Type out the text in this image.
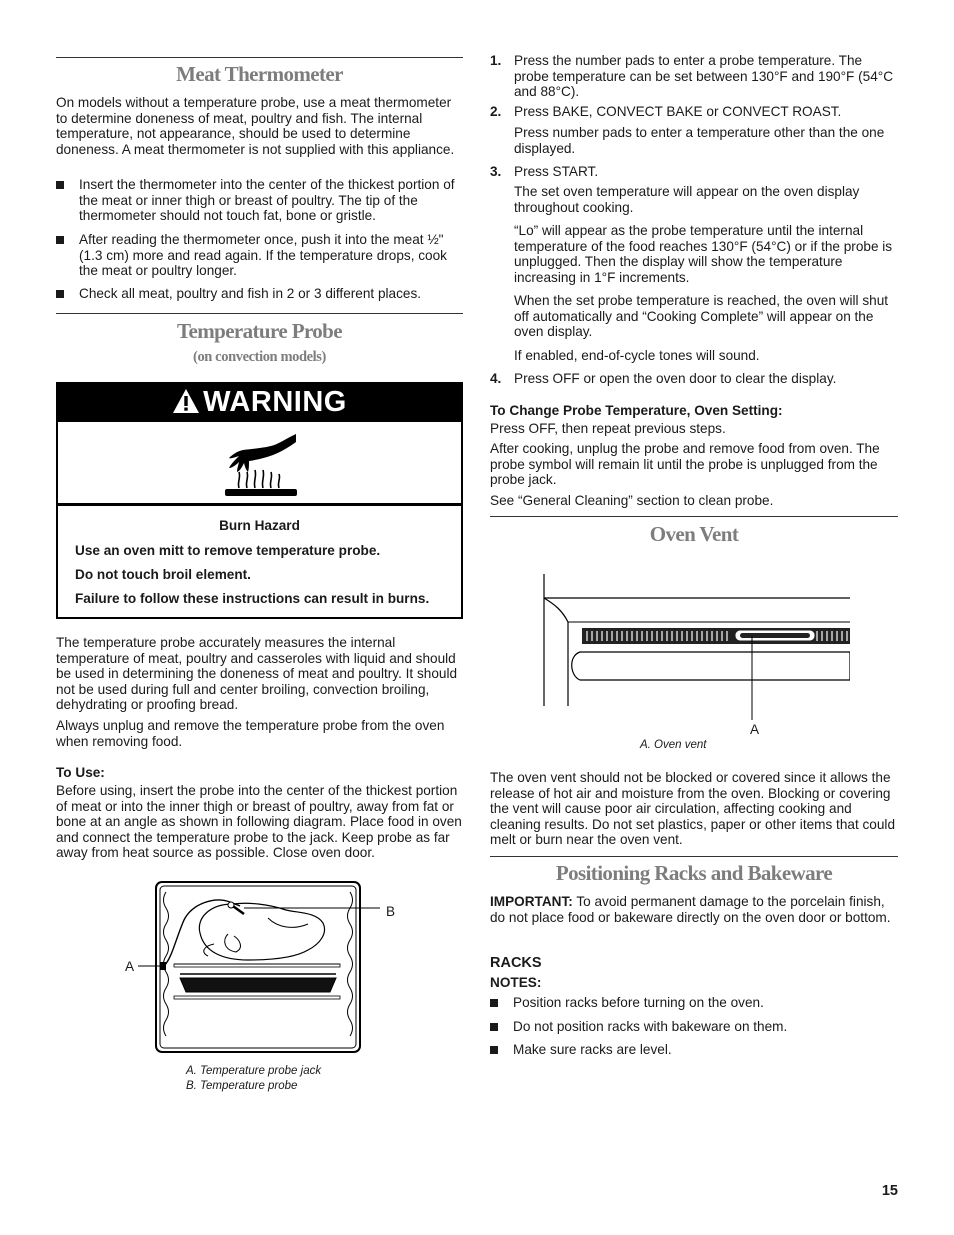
Meat Thermometer

On models without a temperature probe, use a meat thermometer to determine doneness of meat, poultry and fish. The internal temperature, not appearance, should be used to determine doneness. A meat thermometer is not supplied with this appliance.

Insert the thermometer into the center of the thickest portion of the meat or inner thigh or breast of poultry. The tip of the thermometer should not touch fat, bone or gristle.
After reading the thermometer once, push it into the meat ½" (1.3 cm) more and read again. If the temperature drops, cook the meat or poultry longer.
Check all meat, poultry and fish in 2 or 3 different places.
Temperature Probe
(on convection models)
WARNING
Burn Hazard
Use an oven mitt to remove temperature probe.
Do not touch broil element.
Failure to follow these instructions can result in burns.

The temperature probe accurately measures the internal temperature of meat, poultry and casseroles with liquid and should be used in determining the doneness of meat and poultry. It should not be used during full and center broiling, convection broiling, dehydrating or proofing bread.

Always unplug and remove the temperature probe from the oven when removing food.

To Use:

Before using, insert the probe into the center of the thickest portion of meat or into the inner thigh or breast of poultry, away from fat or bone at an angle as shown in following diagram. Place food in oven and connect the temperature probe to the jack. Keep probe as far away from heat source as possible. Close oven door.

A
B
A. Temperature probe jack
B. Temperature probe
1. Press the number pads to enter a probe temperature. The probe temperature can be set between 130°F and 190°F (54°C and 88°C).

2. Press BAKE, CONVECT BAKE or CONVECT ROAST.

Press number pads to enter a temperature other than the one displayed.

3. Press START.

The set oven temperature will appear on the oven display throughout cooking.

“Lo” will appear as the probe temperature until the internal temperature of the food reaches 130°F (54°C) or if the probe is unplugged. Then the display will show the temperature increasing in 1°F increments.

When the set probe temperature is reached, the oven will shut off automatically and “Cooking Complete” will appear on the oven display.

If enabled, end-of-cycle tones will sound.

4. Press OFF or open the oven door to clear the display.

To Change Probe Temperature, Oven Setting:

Press OFF, then repeat previous steps.

After cooking, unplug the probe and remove food from oven. The probe symbol will remain lit until the probe is unplugged from the probe jack.

See “General Cleaning” section to clean probe.

Oven Vent
A
A. Oven vent

The oven vent should not be blocked or covered since it allows the release of hot air and moisture from the oven. Blocking or covering the vent will cause poor air circulation, affecting cooking and cleaning results. Do not set plastics, paper or other items that could melt or burn near the oven vent.

Positioning Racks and Bakeware

IMPORTANT: To avoid permanent damage to the porcelain finish, do not place food or bakeware directly on the oven door or bottom.

RACKS
NOTES:
Position racks before turning on the oven.
Do not position racks with bakeware on them.
Make sure racks are level.
15
